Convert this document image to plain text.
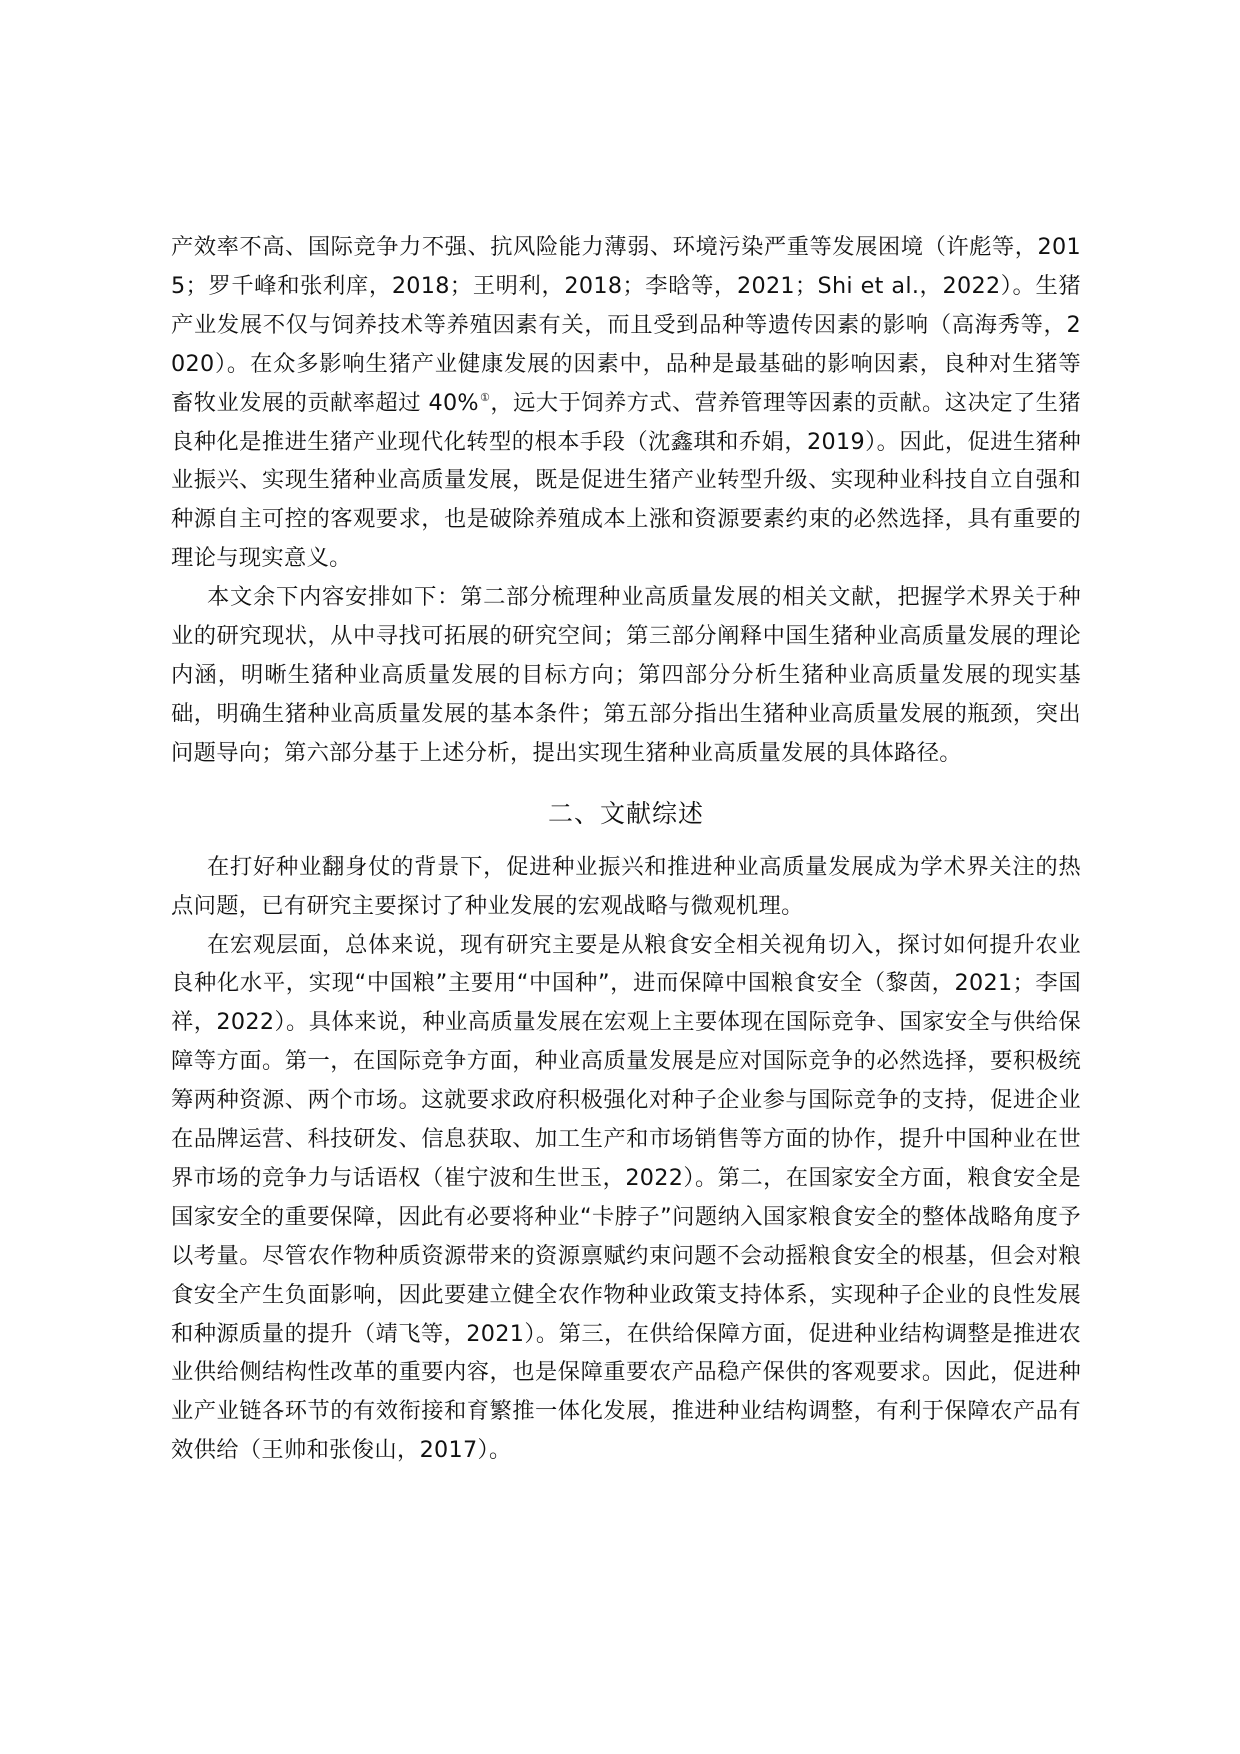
产效率不高、国际竞争力不强、抗风险能力薄弱、环境污染严重等发展困境（许彪等，2015；罗千峰和张利庠，2018；王明利，2018；李晗等，2021；Shi et al.，2022）。生猪产业发展不仅与饲养技术等养殖因素有关，而且受到品种等遗传因素的影响（高海秀等，2020）。在众多影响生猪产业健康发展的因素中，品种是最基础的影响因素，良种对生猪等畜牧业发展的贡献率超过 40%①，远大于饲养方式、营养管理等因素的贡献。这决定了生猪良种化是推进生猪产业现代化转型的根本手段（沈鑫琪和乔娟，2019）。因此，促进生猪种业振兴、实现生猪种业高质量发展，既是促进生猪产业转型升级、实现种业科技自立自强和种源自主可控的客观要求，也是破除养殖成本上涨和资源要素约束的必然选择，具有重要的理论与现实意义。

本文余下内容安排如下：第二部分梳理种业高质量发展的相关文献，把握学术界关于种业的研究现状，从中寻找可拓展的研究空间；第三部分阐释中国生猪种业高质量发展的理论内涵，明晰生猪种业高质量发展的目标方向；第四部分分析生猪种业高质量发展的现实基础，明确生猪种业高质量发展的基本条件；第五部分指出生猪种业高质量发展的瓶颈，突出问题导向；第六部分基于上述分析，提出实现生猪种业高质量发展的具体路径。

二、文献综述

在打好种业翻身仗的背景下，促进种业振兴和推进种业高质量发展成为学术界关注的热点问题，已有研究主要探讨了种业发展的宏观战略与微观机理。

在宏观层面，总体来说，现有研究主要是从粮食安全相关视角切入，探讨如何提升农业良种化水平，实现“中国粮”主要用“中国种”，进而保障中国粮食安全（黎茵，2021；李国祥，2022）。具体来说，种业高质量发展在宏观上主要体现在国际竞争、国家安全与供给保障等方面。第一，在国际竞争方面，种业高质量发展是应对国际竞争的必然选择，要积极统筹两种资源、两个市场。这就要求政府积极强化对种子企业参与国际竞争的支持，促进企业在品牌运营、科技研发、信息获取、加工生产和市场销售等方面的协作，提升中国种业在世界市场的竞争力与话语权（崔宁波和生世玉，2022）。第二，在国家安全方面，粮食安全是国家安全的重要保障，因此有必要将种业“卡脖子”问题纳入国家粮食安全的整体战略角度予以考量。尽管农作物种质资源带来的资源禀赋约束问题不会动摇粮食安全的根基，但会对粮食安全产生负面影响，因此要建立健全农作物种业政策支持体系，实现种子企业的良性发展和种源质量的提升（靖飞等，2021）。第三，在供给保障方面，促进种业结构调整是推进农业供给侧结构性改革的重要内容，也是保障重要农产品稳产保供的客观要求。因此，促进种业产业链各环节的有效衔接和育繁推一体化发展，推进种业结构调整，有利于保障农产品有效供给（王帅和张俊山，2017）。
